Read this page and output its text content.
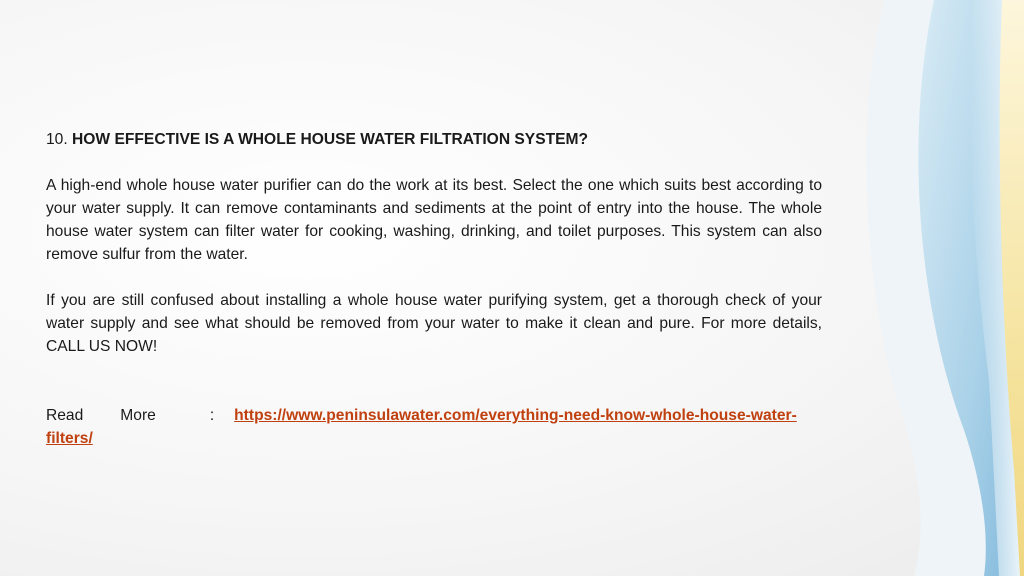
10. HOW EFFECTIVE IS A WHOLE HOUSE WATER FILTRATION SYSTEM?

A high-end whole house water purifier can do the work at its best. Select the one which suits best according to your water supply. It can remove contaminants and sediments at the point of entry into the house. The whole house water system can filter water for cooking, washing, drinking, and toilet purposes. This system can also remove sulfur from the water.

If you are still confused about installing a whole house water purifying system, get a thorough check of your water supply and see what should be removed from your water to make it clean and pure. For more details, CALL US NOW!

Read More	: https://www.peninsulawater.com/everything-need-know-whole-house-water-
filters/
